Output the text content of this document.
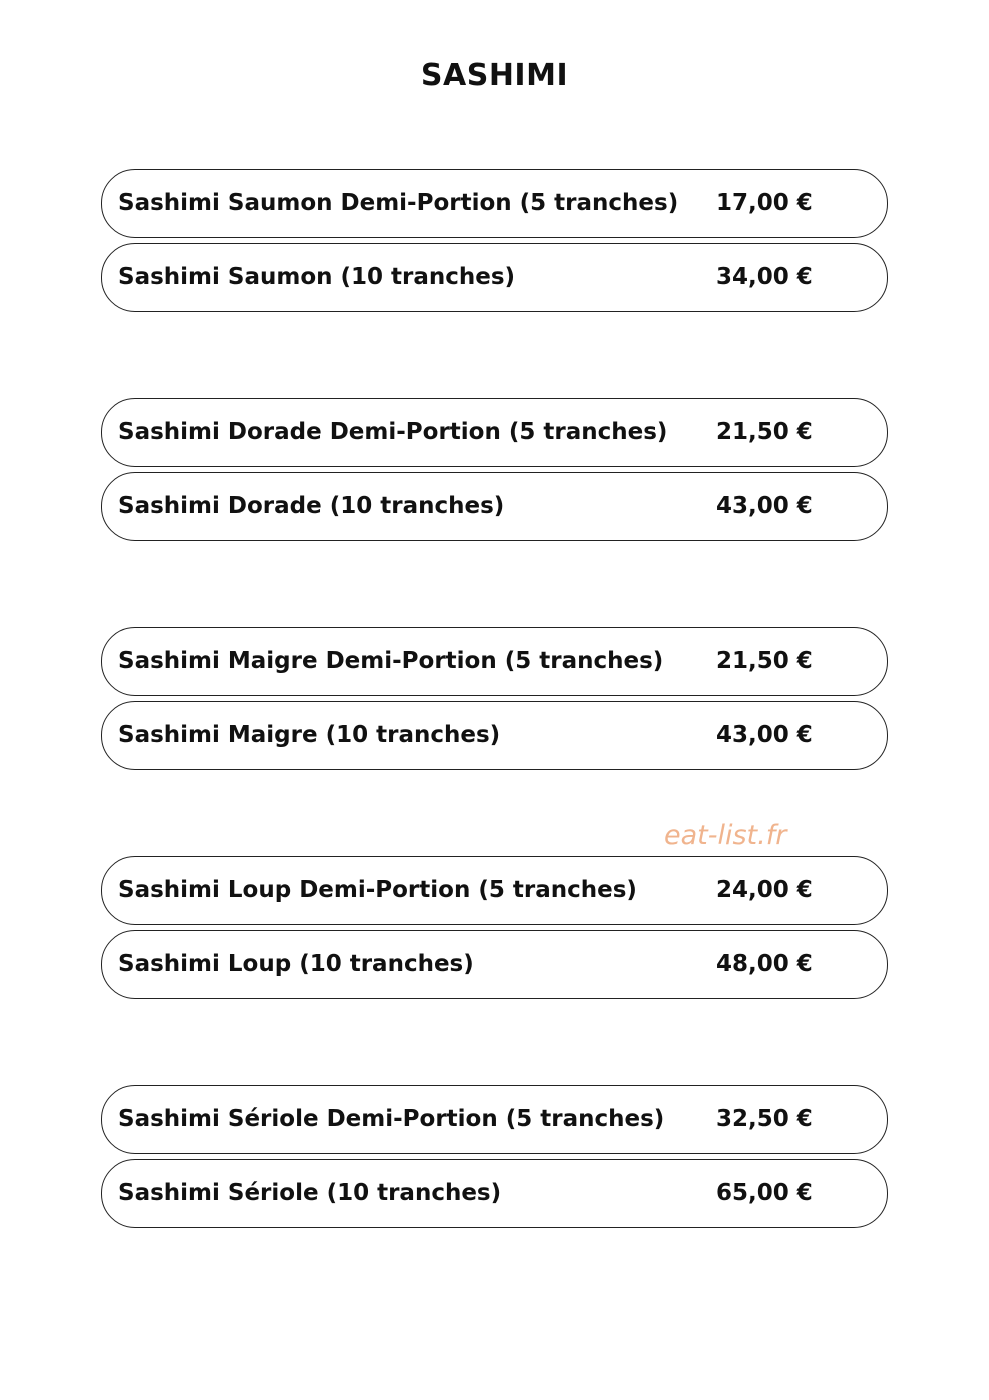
SASHIMI
Sashimi Saumon Demi-Portion (5 tranches) 17,00 €
Sashimi Saumon (10 tranches)	34,00 €
Sashimi Dorade Demi-Portion (5 tranches) 21,50 €
Sashimi Dorade (10 tranches)	43,00 €
Sashimi Maigre Demi-Portion (5 tranches) 21,50 €
Sashimi Maigre (10 tranches)	43,00 €
Sashimi Loup Demi-Portion (5 tranches)	24,00 €
Sashimi Loup (10 tranches)	48,00 €
Sashimi Sériole Demi-Portion (5 tranches) 32,50 €
Sashimi Sériole (10 tranches)	65,00 €

eat-list.fr
